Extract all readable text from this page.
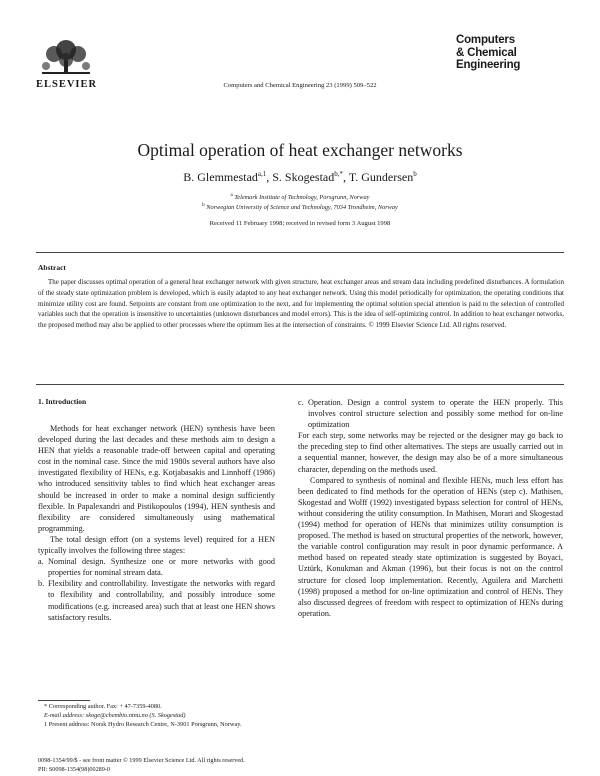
ELSEVIER	Computers and Chemical Engineering 23 (1999) 509–522
Computers
& Chemical
Engineering
Optimal operation of heat exchanger networks
B. Glemmestad$^{a,1}$, S. Skogestad$^{b,*}$, T. Gundersen$^b$
$^a$ Telemark Institute of Technology, Porsgrunn, Norway
$^b$ Norwegian University of Science and Technology, 7034 Trondheim, Norway
Received 11 February 1998; received in revised form 3 August 1998
Abstract
The paper discusses optimal operation of a general heat exchanger network with given structure, heat exchanger areas and stream data including predefined disturbances. A formulation of the steady state optimization problem is developed, which is easily adapted to any heat exchanger network. Using this model periodically for optimization, the operating conditions that minimize utility cost are found. Setpoints are constant from one optimization to the next, and for implementing the optimal solution special attention is paid to the selection of controlled variables such that the operation is insensitive to uncertainties (unknown disturbances and model errors). This is the idea of self-optimizing control. In addition to heat exchanger networks, the proposed method may also be applied to other processes where the optimum lies at the intersection of constraints. © 1999 Elsevier Science Ltd. All rights reserved.
1. Introduction

Methods for heat exchanger network (HEN) synthesis have been developed during the last decades and these methods aim to design a HEN that yields a reasonable trade-off between capital and operating cost in the nominal case. Since the mid 1980s several authors have also investigated flexibility of HENs, e.g. Kotjabasakis and Linnhoff (1986) who introduced sensitivity tables to find which heat exchanger areas should be increased in order to make a nominal design sufficiently flexible. In Papalexandri and Pistikopoulos (1994), HEN synthesis and flexibility are considered simultaneously using mathematical programming.

The total design effort (on a systems level) required for a HEN typically involves the following three stages:

a. Nominal design. Synthesize one or more networks with good properties for nominal stream data.
b. Flexibility and controllability. Investigate the networks with regard to flexibility and controllability, and possibly introduce some modifications (e.g. increased area) such that at least one HEN shows satisfactory results.
c. Operation. Design a control system to operate the HEN properly. This involves control structure selection and possibly some method for on-line optimization

For each step, some networks may be rejected or the designer may go back to the preceding step to find other alternatives. The steps are usually carried out in a sequential manner, however, the design may also be of a more simultaneous character, depending on the methods used.

Compared to synthesis of nominal and flexible HENs, much less effort has been dedicated to find methods for the operation of HENs (step c). Mathisen, Skogestad and Wolff (1992) investigated bypass selection for control of HENs, without considering the utility consumption. In Mathisen, Morari and Skogestad (1994) method for operation of HENs that minimizes utility consumption is proposed. The method is based on structural properties of the network, however, the variable control configuration may result in poor dynamic performance. A method based on repeated steady state optimization is suggested by Boyaci, Uztürk, Konukman and Akman (1996), but their focus is not on the control structure for closed loop implementation. Recently, Aguilera and Marchetti (1998) proposed a method for on-line optimization and control of HENs. They also discussed degrees of freedom with respect to optimization of HENs during operation.

* Corresponding author. Fax: + 47-7359-4080.
E-mail address: skoge@chembio.ntnu.no (S. Skogestad)
1 Present address: Norsk Hydro Research Centre, N-3901 Porsgrunn, Norway.
0098-1354/99/$ - see front matter © 1999 Elsevier Science Ltd. All rights reserved.
PII: S0098-1354(98)00289-0
